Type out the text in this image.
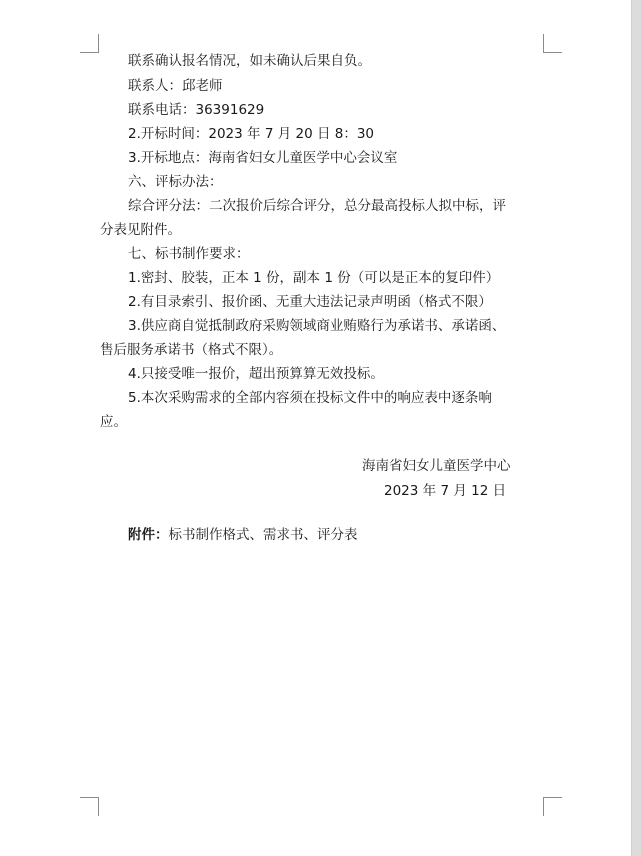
联系确认报名情况，如未确认后果自负。
联系人：邱老师
联系电话：36391629
2.开标时间：2023 年 7 月 20 日 8：30
3.开标地点：海南省妇女儿童医学中心会议室
六、评标办法：
综合评分法：二次报价后综合评分，总分最高投标人拟中标，评
分表见附件。
七、标书制作要求：
1.密封、胶装，正本 1 份，副本 1 份（可以是正本的复印件）
2.有目录索引、报价函、无重大违法记录声明函（格式不限）
3.供应商自觉抵制政府采购领域商业贿赂行为承诺书、承诺函、
售后服务承诺书（格式不限）。
4.只接受唯一报价，超出预算算无效投标。
5.本次采购需求的全部内容须在投标文件中的响应表中逐条响
应。
海南省妇女儿童医学中心
2023 年 7 月 12 日
附件：标书制作格式、需求书、评分表
